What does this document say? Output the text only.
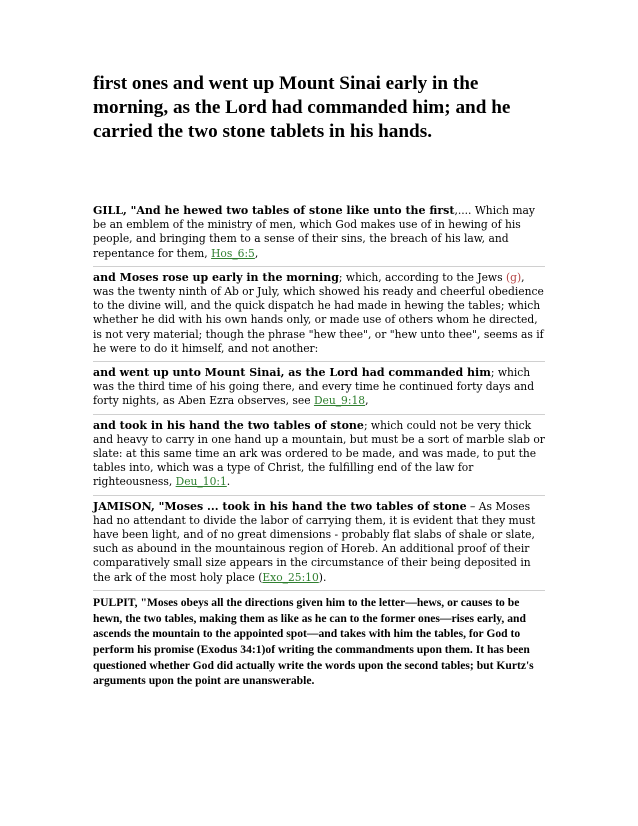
first ones and went up Mount Sinai early in the morning, as the Lord had commanded him; and he carried the two stone tablets in his hands.

GILL, "And he hewed two tables of stone like unto the first,.... Which may be an emblem of the ministry of men, which God makes use of in hewing of his people, and bringing them to a sense of their sins, the breach of his law, and repentance for them, Hos_6:5,

and Moses rose up early in the morning; which, according to the Jews (g), was the twenty ninth of Ab or July, which showed his ready and cheerful obedience to the divine will, and the quick dispatch he had made in hewing the tables; which whether he did with his own hands only, or made use of others whom he directed, is not very material; though the phrase "hew thee", or "hew unto thee", seems as if he were to do it himself, and not another:

and went up unto Mount Sinai, as the Lord had commanded him; which was the third time of his going there, and every time he continued forty days and forty nights, as Aben Ezra observes, see Deu_9:18,

and took in his hand the two tables of stone; which could not be very thick and heavy to carry in one hand up a mountain, but must be a sort of marble slab or slate: at this same time an ark was ordered to be made, and was made, to put the tables into, which was a type of Christ, the fulfilling end of the law for righteousness, Deu_10:1.

JAMISON, "Moses ... took in his hand the two tables of stone – As Moses had no attendant to divide the labor of carrying them, it is evident that they must have been light, and of no great dimensions - probably flat slabs of shale or slate, such as abound in the mountainous region of Horeb. An additional proof of their comparatively small size appears in the circumstance of their being deposited in the ark of the most holy place (Exo_25:10).

PULPIT, "Moses obeys all the directions given him to the letter—hews, or causes to be hewn, the two tables, making them as like as he can to the former ones—rises early, and ascends the mountain to the appointed spot—and takes with him the tables, for God to perform his promise (Exodus 34:1)of writing the commandments upon them. It has been questioned whether God did actually write the words upon the second tables; but Kurtz's arguments upon the point are unanswerable.
